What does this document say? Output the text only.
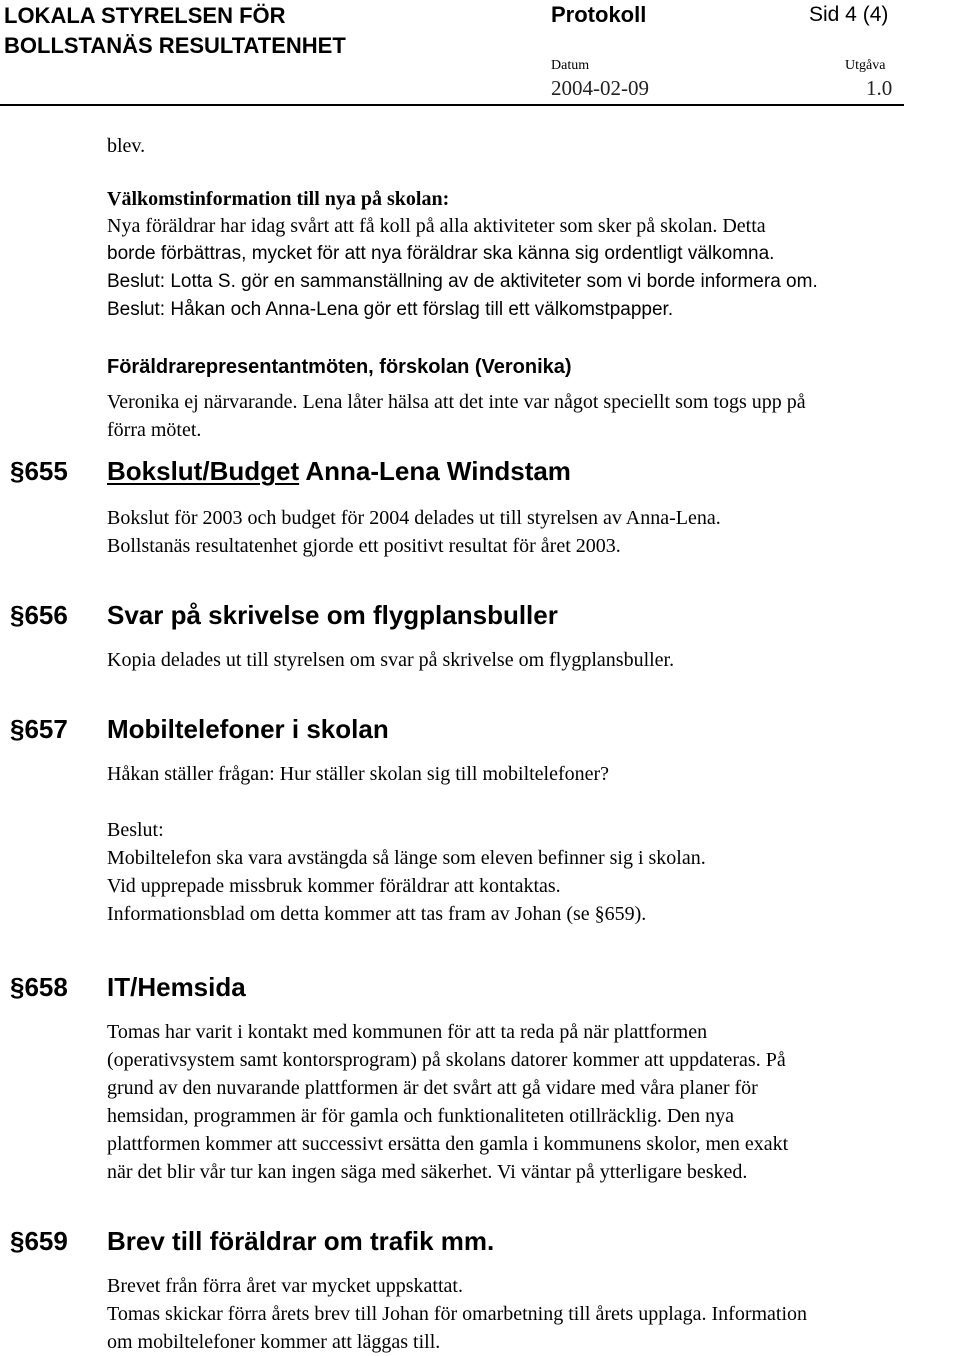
LOKALA STYRELSEN FÖR
BOLLSTANÄS RESULTATENHET
Protokoll	Sid 4 (4)
Datum
2004-02-09
Utgåva
1.0
blev.
Välkomstinformation till nya på skolan:
Nya föräldrar har idag svårt att få koll på alla aktiviteter som sker på skolan. Detta
borde förbättras, mycket för att nya föräldrar ska känna sig ordentligt välkomna.
Beslut: Lotta S. gör en sammanställning av de aktiviteter som vi borde informera om.
Beslut: Håkan och Anna-Lena gör ett förslag till ett välkomstpapper.
Föräldrarepresentantmöten, förskolan (Veronika)
Veronika ej närvarande. Lena låter hälsa att det inte var något speciellt som togs upp på
förra mötet.
§655 Bokslut/Budget Anna-Lena Windstam
Bokslut för 2003 och budget för 2004 delades ut till styrelsen av Anna-Lena.
Bollstanäs resultatenhet gjorde ett positivt resultat för året 2003.
§656 Svar på skrivelse om flygplansbuller
Kopia delades ut till styrelsen om svar på skrivelse om flygplansbuller.
§657 Mobiltelefoner i skolan
Håkan ställer frågan: Hur ställer skolan sig till mobiltelefoner?
Beslut:
Mobiltelefon ska vara avstängda så länge som eleven befinner sig i skolan.
Vid upprepade missbruk kommer föräldrar att kontaktas.
Informationsblad om detta kommer att tas fram av Johan (se §659).
§658 IT/Hemsida
Tomas har varit i kontakt med kommunen för att ta reda på när plattformen
(operativsystem samt kontorsprogram) på skolans datorer kommer att uppdateras. På
grund av den nuvarande plattformen är det svårt att gå vidare med våra planer för
hemsidan, programmen är för gamla och funktionaliteten otillräcklig. Den nya
plattformen kommer att successivt ersätta den gamla i kommunens skolor, men exakt
när det blir vår tur kan ingen säga med säkerhet. Vi väntar på ytterligare besked.
§659 Brev till föräldrar om trafik mm.
Brevet från förra året var mycket uppskattat.
Tomas skickar förra årets brev till Johan för omarbetning till årets upplaga. Information
om mobiltelefoner kommer att läggas till.
